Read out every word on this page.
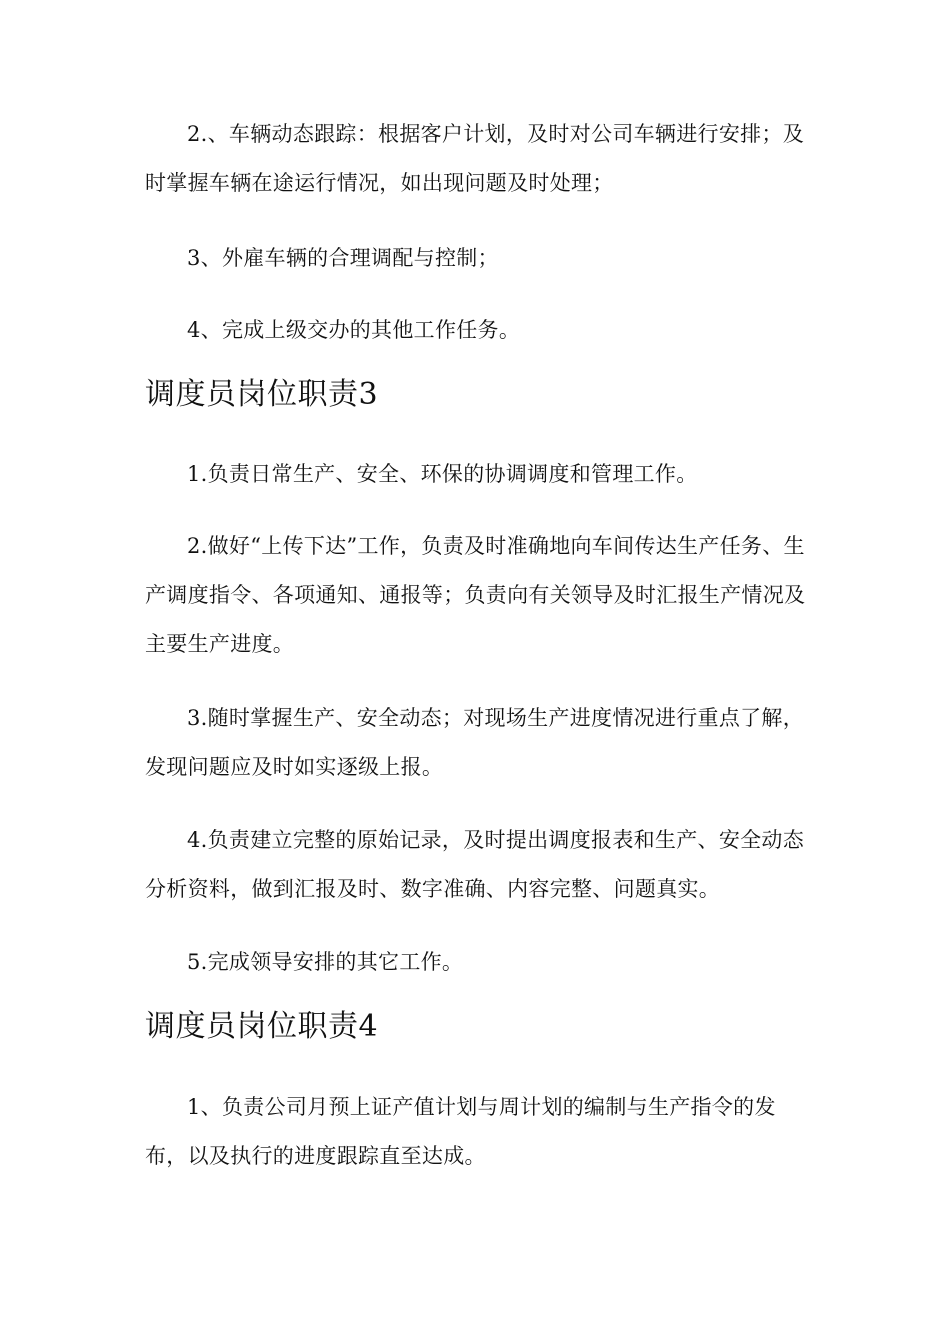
2.、车辆动态跟踪：根据客户计划，及时对公司车辆进行安排；及时掌握车辆在途运行情况，如出现问题及时处理；

3、外雇车辆的合理调配与控制；

4、完成上级交办的其他工作任务。

调度员岗位职责3

1.负责日常生产、安全、环保的协调调度和管理工作。

2.做好“上传下达”工作，负责及时准确地向车间传达生产任务、生产调度指令、各项通知、通报等；负责向有关领导及时汇报生产情况及主要生产进度。

3.随时掌握生产、安全动态；对现场生产进度情况进行重点了解，发现问题应及时如实逐级上报。

4.负责建立完整的原始记录，及时提出调度报表和生产、安全动态分析资料，做到汇报及时、数字准确、内容完整、问题真实。

5.完成领导安排的其它工作。

调度员岗位职责4

1、负责公司月预上证产值计划与周计划的编制与生产指令的发布，以及执行的进度跟踪直至达成。
